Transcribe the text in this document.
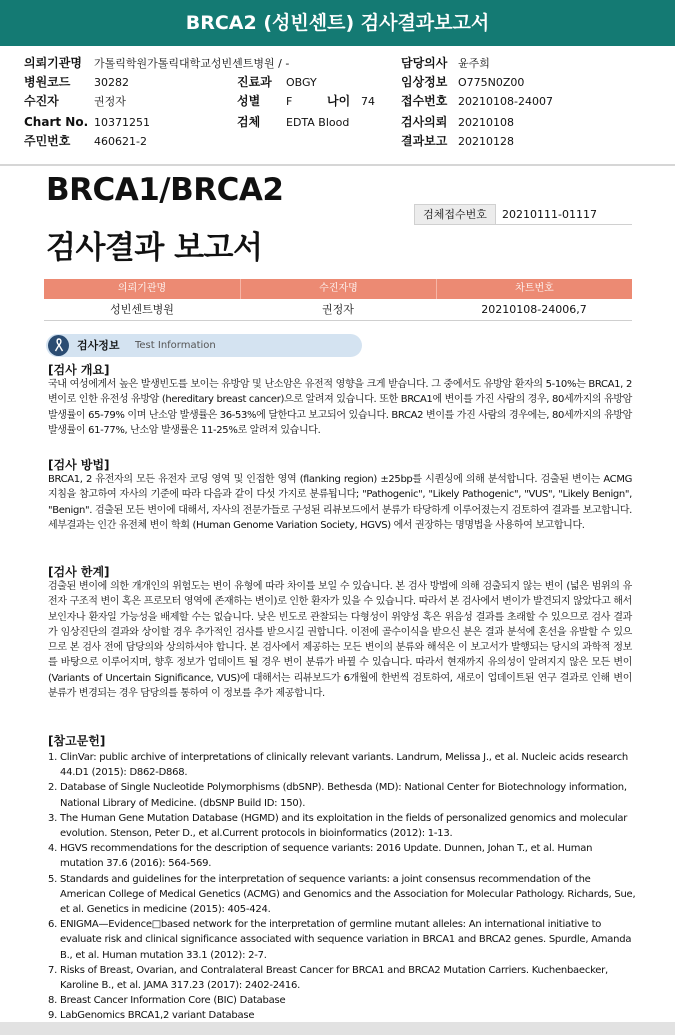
BRCA2 (성빈센트) 검사결과보고서
의뢰기관명 가톨릭학원가톨릭대학교성빈센트병원 / -	담당의사 윤주희
병원코드 30282	진료과 OBGY	임상정보 O775N0Z00
수진자	권정자	성별 F	나이 74 접수번호 20210108-24007
Chart No. 10371251	검체 EDTA Blood	검사의뢰 20210108
주민번호 460621-2	결과보고 20210128
BRCA1/BRCA2
검사결과 보고서
검체접수번호	20210111-01117
의뢰기관명	수진자명	차트번호
성빈센트병원	권정자	20210108-24006,7
검사정보 Test Information
[검사 개요]
국내 여성에게서 높은 발생빈도를 보이는 유방암 및 난소암은 유전적 영향을 크게 받습니다. 그 중에서도 유방암 환자의 5-10%는 BRCA1, 2 변이로 인한 유전성 유방암 (hereditary breast cancer)으로 알려져 있습니다. 또한 BRCA1에 변이를 가진 사람의 경우, 80세까지의 유방암 발생률이 65-79% 이며 난소암 발생률은 36-53%에 달한다고 보고되어 있습니다. BRCA2 변이를 가진 사람의 경우에는, 80세까지의 유방암 발생률이 61-77%, 난소암 발생률은 11-25%로 알려져 있습니다.
[검사 방법]
BRCA1, 2 유전자의 모든 유전자 코딩 영역 및 인접한 영역 (flanking region) ±25bp를 시퀀싱에 의해 분석합니다. 검출된 변이는 ACMG 지침을 참고하여 자사의 기준에 따라 다음과 같이 다섯 가지로 분류됩니다; "Pathogenic", "Likely Pathogenic", "VUS", "Likely Benign", "Benign". 검출된 모든 변이에 대해서, 자사의 전문가들로 구성된 리뷰보드에서 분류가 타당하게 이루어졌는지 검토하여 결과를 보고합니다. 세부결과는 인간 유전체 변이 학회 (Human Genome Variation Society, HGVS) 에서 권장하는 명명법을 사용하여 보고합니다.
[검사 한계]
검출된 변이에 의한 개개인의 위험도는 변이 유형에 따라 차이를 보일 수 있습니다. 본 검사 방법에 의해 검출되지 않는 변이 (넓은 범위의 유전자 구조적 변이 혹은 프로모터 영역에 존재하는 변이)로 인한 환자가 있을 수 있습니다. 따라서 본 검사에서 변이가 발견되지 않았다고 해서 보인자나 환자일 가능성을 배제할 수는 없습니다. 낮은 빈도로 관찰되는 다형성이 위양성 혹은 위음성 결과를 초래할 수 있으므로 검사 결과가 임상진단의 결과와 상이할 경우 추가적인 검사를 받으시길 권합니다. 이전에 골수이식을 받으신 분은 결과 분석에 혼선을 유발할 수 있으므로 본 검사 전에 담당의와 상의하셔야 합니다. 본 검사에서 제공하는 모든 변이의 분류와 해석은 이 보고서가 발행되는 당시의 과학적 정보를 바탕으로 이루어지며, 향후 정보가 업데이트 될 경우 변이 분류가 바뀔 수 있습니다. 따라서 현재까지 유의성이 알려지지 않은 모든 변이 (Variants of Uncertain Significance, VUS)에 대해서는 리뷰보드가 6개월에 한번씩 검토하여, 새로이 업데이트된 연구 결과로 인해 변이 분류가 변경되는 경우 담당의를 통하여 이 정보를 추가 제공합니다.
[참고문헌]
1. ClinVar: public archive of interpretations of clinically relevant variants. Landrum, Melissa J., et al. Nucleic acids research 44.D1 (2015): D862-D868.
2. Database of Single Nucleotide Polymorphisms (dbSNP). Bethesda (MD): National Center for Biotechnology information, National Library of Medicine. (dbSNP Build ID: 150).
3. The Human Gene Mutation Database (HGMD) and its exploitation in the fields of personalized genomics and molecular evolution. Stenson, Peter D., et al.Current protocols in bioinformatics (2012): 1-13.
4. HGVS recommendations for the description of sequence variants: 2016 Update. Dunnen, Johan T., et al. Human mutation 37.6 (2016): 564-569.
5. Standards and guidelines for the interpretation of sequence variants: a joint consensus recommendation of the American College of Medical Genetics (ACMG) and Genomics and the Association for Molecular Pathology. Richards, Sue, et al. Genetics in medicine (2015): 405-424.
6. ENIGMA—Evidence□based network for the interpretation of germline mutant alleles: An international initiative to evaluate risk and clinical significance associated with sequence variation in BRCA1 and BRCA2 genes. Spurdle, Amanda B., et al. Human mutation 33.1 (2012): 2-7.
7. Risks of Breast, Ovarian, and Contralateral Breast Cancer for BRCA1 and BRCA2 Mutation Carriers. Kuchenbaecker, Karoline B., et al. JAMA 317.23 (2017): 2402-2416.
8. Breast Cancer Information Core (BIC) Database
9. LabGenomics BRCA1,2 variant Database
